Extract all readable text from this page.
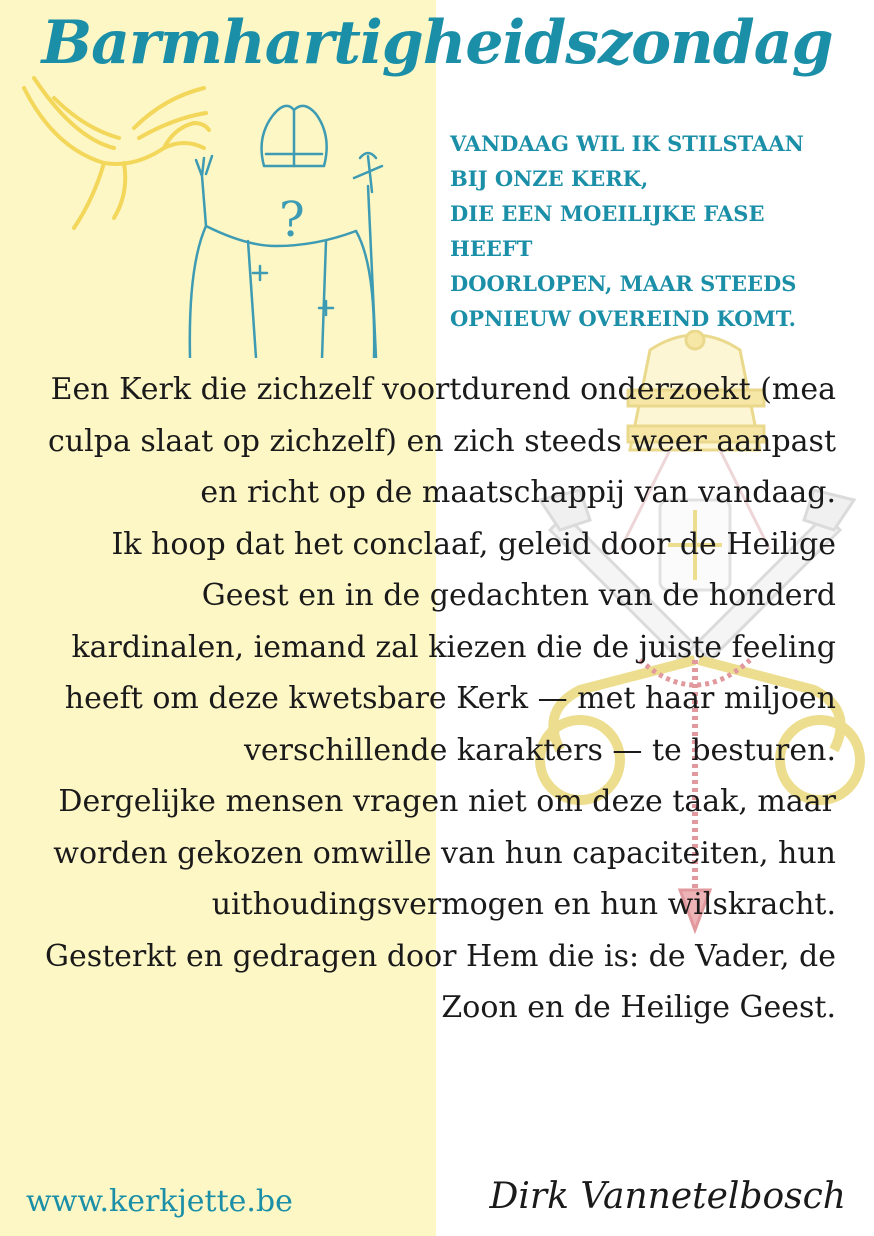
Barmhartigheidszondag
?
VANDAAG WIL IK STILSTAAN
BIJ ONZE KERK,
DIE EEN MOEILIJKE FASE
HEEFT
DOORLOPEN, MAAR STEEDS
OPNIEUW OVEREIND KOMT.

Een Kerk die zichzelf voortdurend onderzoekt (mea culpa slaat op zichzelf) en zich steeds weer aanpast en richt op de maatschappij van vandaag.

Ik hoop dat het conclaaf, geleid door de Heilige Geest en in de gedachten van de honderd kardinalen, iemand zal kiezen die de juiste feeling heeft om deze kwetsbare Kerk — met haar miljoen verschillende karakters — te besturen.

Dergelijke mensen vragen niet om deze taak, maar worden gekozen omwille van hun capaciteiten, hun uithoudingsvermogen en hun wilskracht.

Gesterkt en gedragen door Hem die is: de Vader, de Zoon en de Heilige Geest.

www.kerkjette.be	Dirk Vannetelbosch
